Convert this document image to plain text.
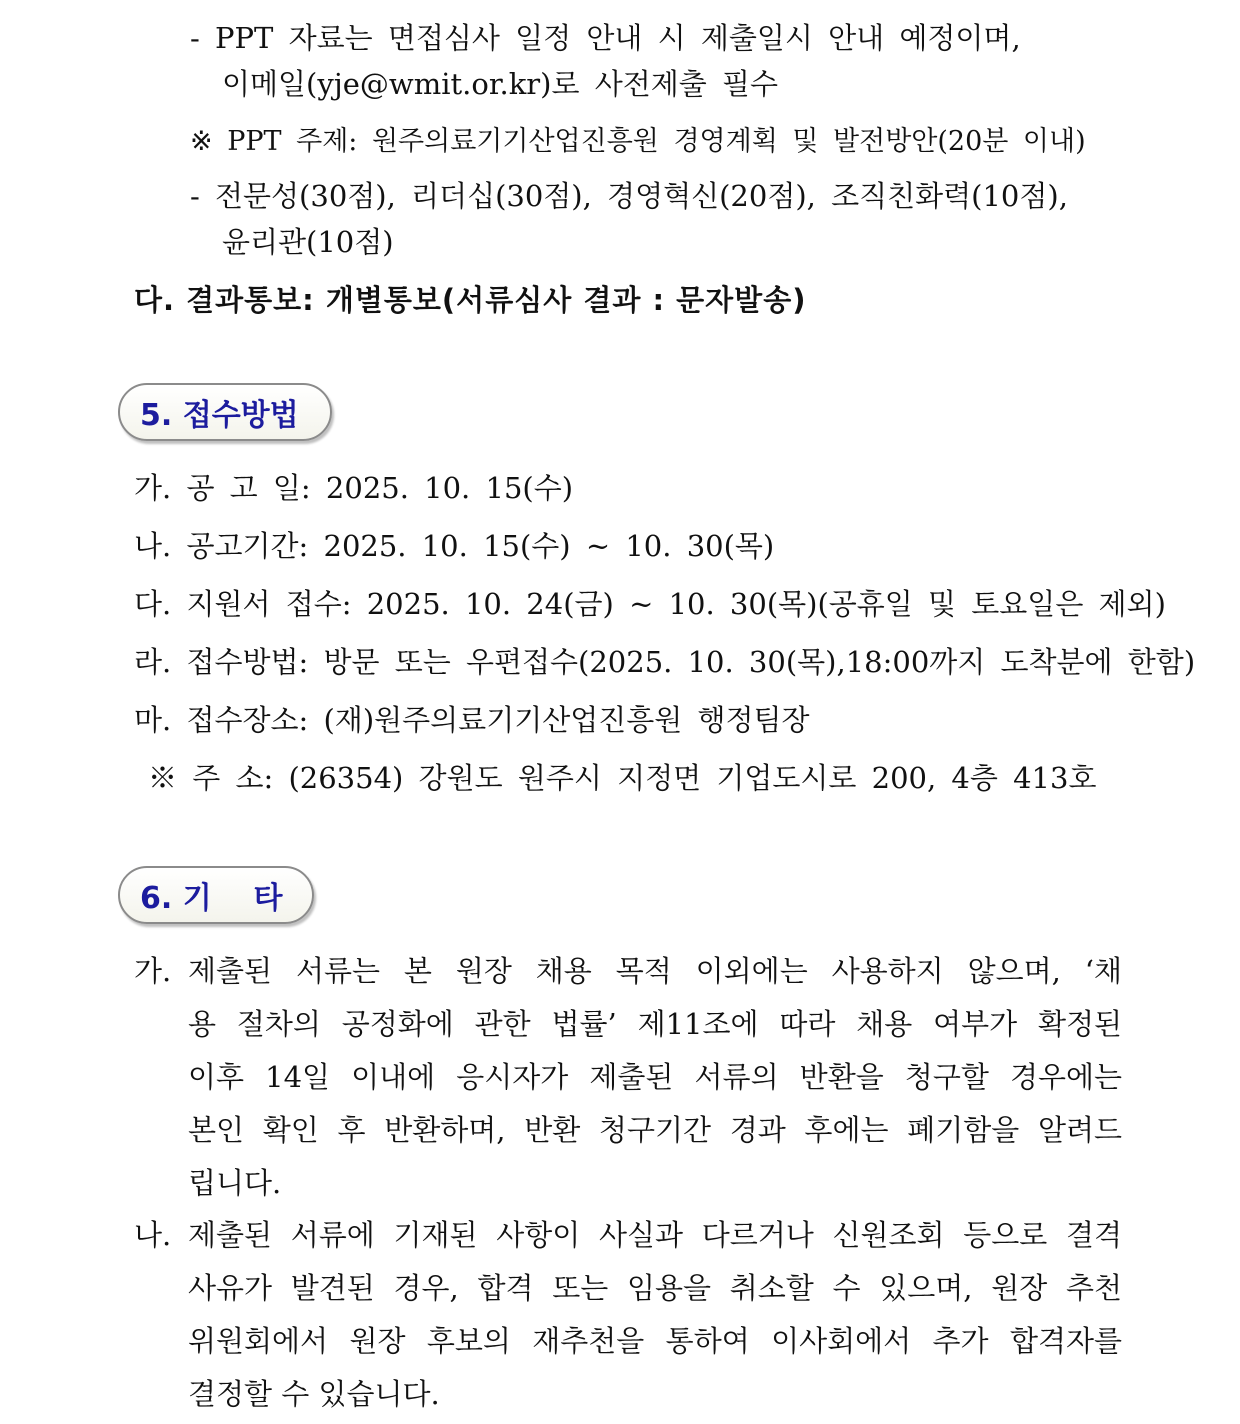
- PPT 자료는 면접심사 일정 안내 시 제출일시 안내 예정이며,
이메일(yje@wmit.or.kr)로 사전제출 필수
※ PPT 주제: 원주의료기기산업진흥원 경영계획 및 발전방안(20분 이내)
- 전문성(30점), 리더십(30점), 경영혁신(20점), 조직친화력(10점),
윤리관(10점)
다. 결과통보: 개별통보(서류심사 결과 : 문자발송)
5. 접수방법
가. 공 고 일: 2025. 10. 15(수)
나. 공고기간: 2025. 10. 15(수) ~ 10. 30(목)
다. 지원서 접수: 2025. 10. 24(금) ~ 10. 30(목)(공휴일 및 토요일은 제외)
라. 접수방법: 방문 또는 우편접수(2025. 10. 30(목),18:00까지 도착분에 한함)
마. 접수장소: (재)원주의료기기산업진흥원 행정팀장
※ 주 소: (26354) 강원도 원주시 지정면 기업도시로 200, 4층 413호
6. 기    타
가. 제출된 서류는 본 원장 채용 목적 이외에는 사용하지 않으며, ‘채
용 절차의 공정화에 관한 법률’ 제11조에 따라 채용 여부가 확정된
이후 14일 이내에 응시자가 제출된 서류의 반환을 청구할 경우에는
본인 확인 후 반환하며, 반환 청구기간 경과 후에는 폐기함을 알려드
립니다.
나. 제출된 서류에 기재된 사항이 사실과 다르거나 신원조회 등으로 결격
사유가 발견된 경우, 합격 또는 임용을 취소할 수 있으며, 원장 추천
위원회에서 원장 후보의 재추천을 통하여 이사회에서 추가 합격자를
결정할 수 있습니다.
